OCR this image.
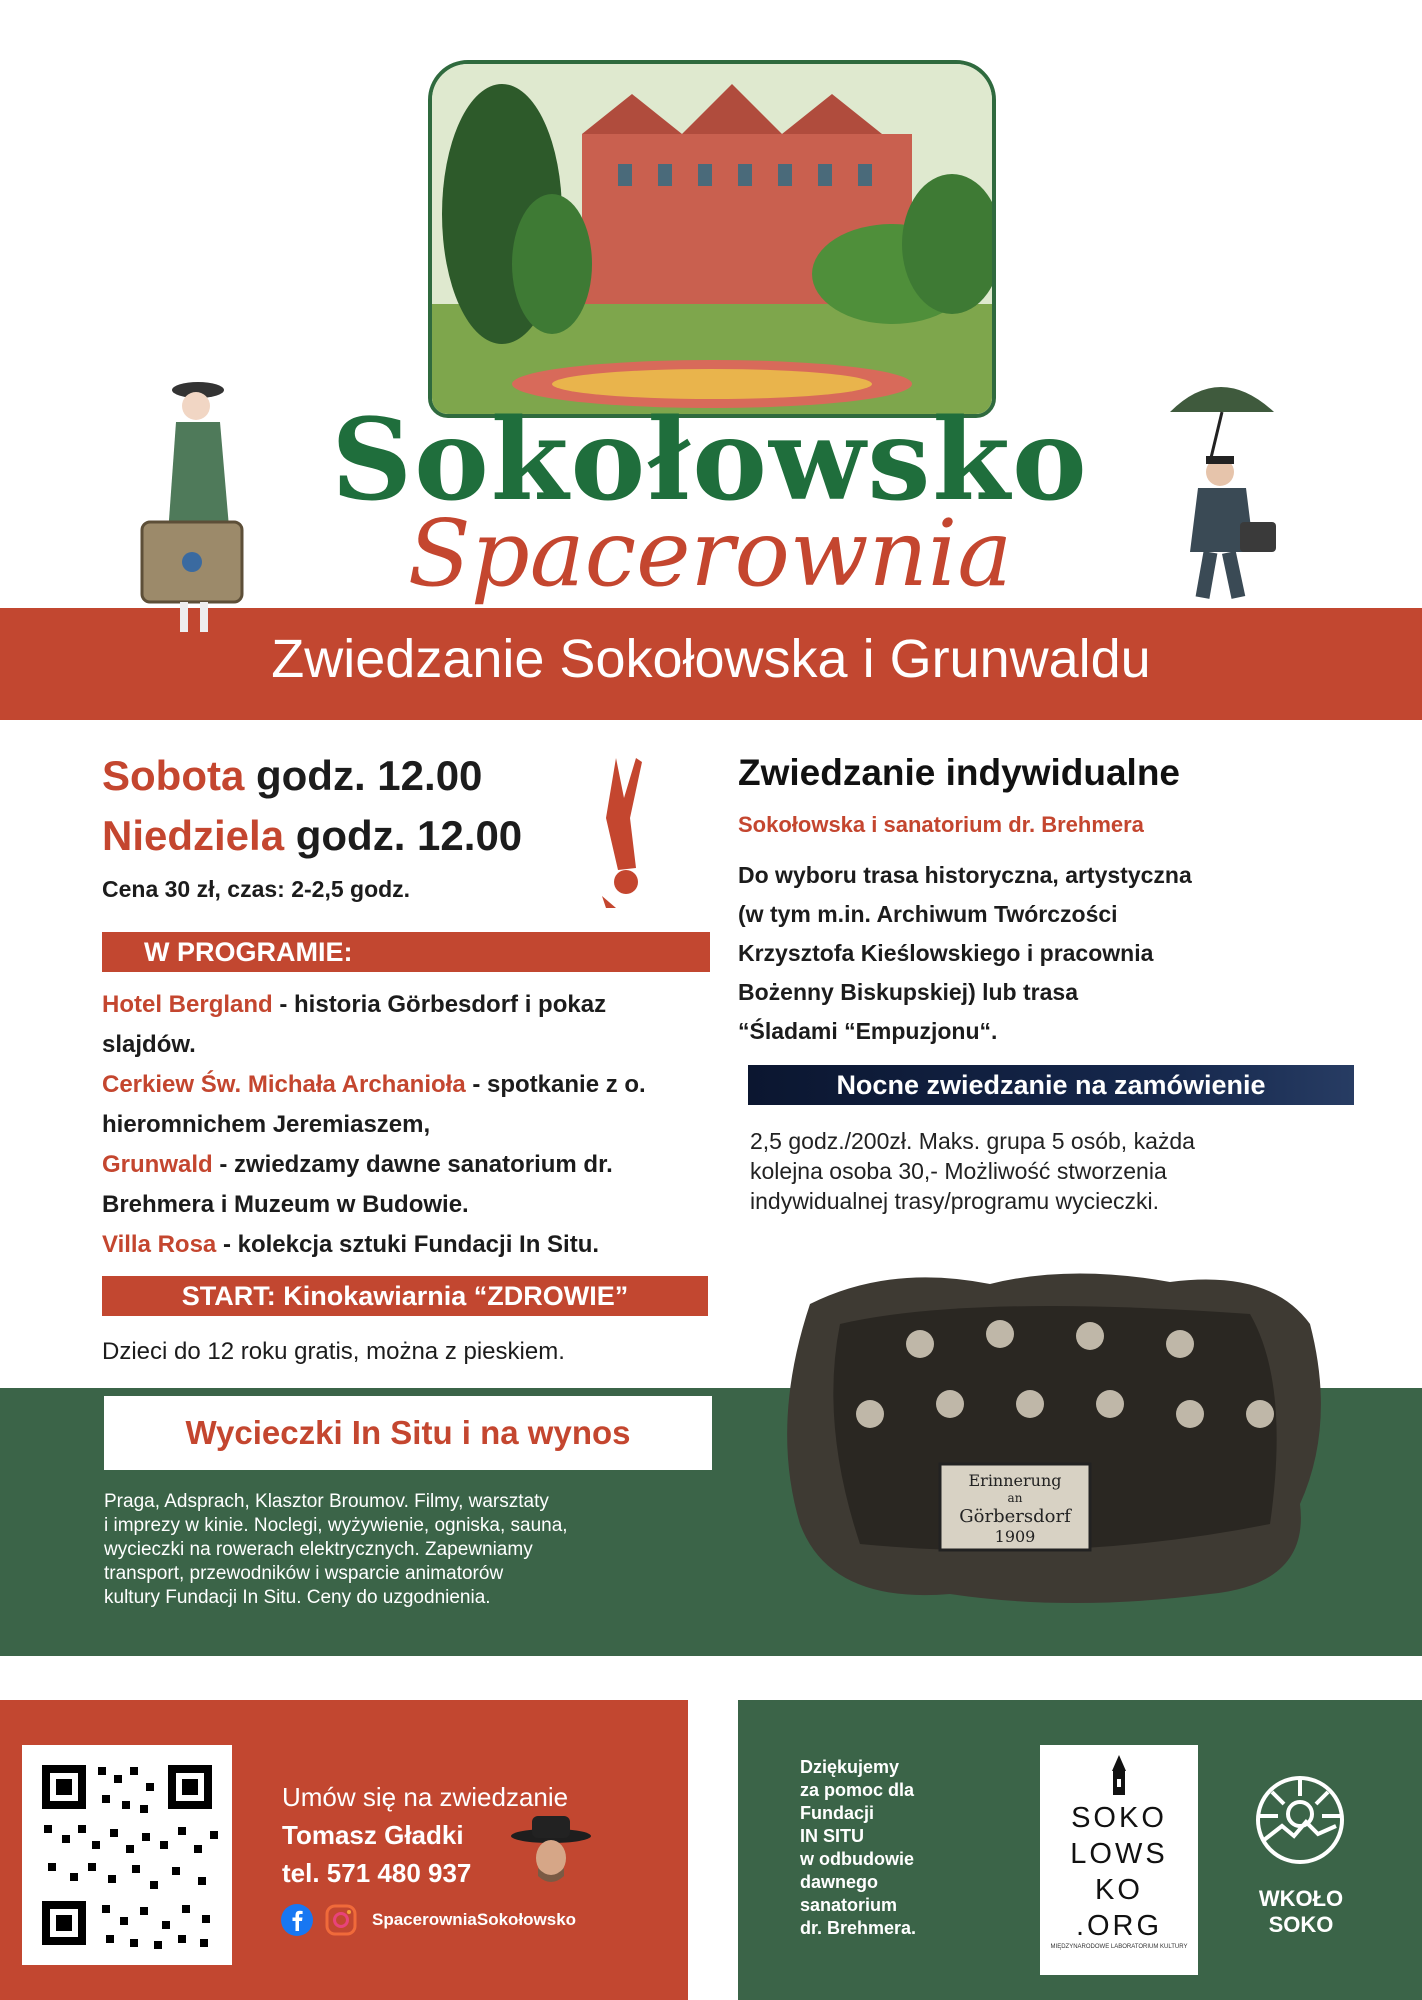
Sokołowsko
Spacerownia
Zwiedzanie Sokołowska i Grunwaldu
Sobota godz. 12.00
Niedziela godz. 12.00
Cena 30 zł, czas: 2-2,5 godz.
W PROGRAMIE:
Hotel Bergland - historia Görbesdorf i pokaz slajdów.
Cerkiew Św. Michała Archanioła - spotkanie z o. hieromnichem Jeremiaszem,
Grunwald - zwiedzamy dawne sanatorium dr. Brehmera i Muzeum w Budowie.
Villa Rosa - kolekcja sztuki Fundacji In Situ.
START: Kinokawiarnia “ZDROWIE”
Dzieci do 12 roku gratis, można z pieskiem.
Zwiedzanie indywidualne
Sokołowska i sanatorium dr. Brehmera
Do wyboru trasa historyczna, artystyczna
(w tym m.in. Archiwum Twórczości
Krzysztofa Kieślowskiego i pracownia
Bożenny Biskupskiej) lub trasa
“Śladami “Empuzjonu“.
Nocne zwiedzanie na zamówienie
2,5 godz./200zł. Maks. grupa 5 osób, każda
kolejna osoba 30,- Możliwość stworzenia
indywidualnej trasy/programu wycieczki.
Wycieczki In Situ i na wynos
Praga, Adsprach, Klasztor Broumov. Filmy, warsztaty
i imprezy w kinie. Noclegi, wyżywienie, ogniska, sauna,
wycieczki na rowerach elektrycznych. Zapewniamy
transport, przewodników i wsparcie animatorów
kultury Fundacji In Situ. Ceny do uzgodnienia.
Erinnerung
an
Görbersdorf
1909
Umów się na zwiedzanie
Tomasz Gładki
tel. 571 480 937
SpacerowniaSokołowsko
Dziękujemy
za pomoc dla
Fundacji
IN SITU
w odbudowie
dawnego
sanatorium
dr. Brehmera.
SOKO
LOWS
KO
.ORG
MIĘDZYNARODOWE LABORATORIUM KULTURY
WKOŁO
SOKO
